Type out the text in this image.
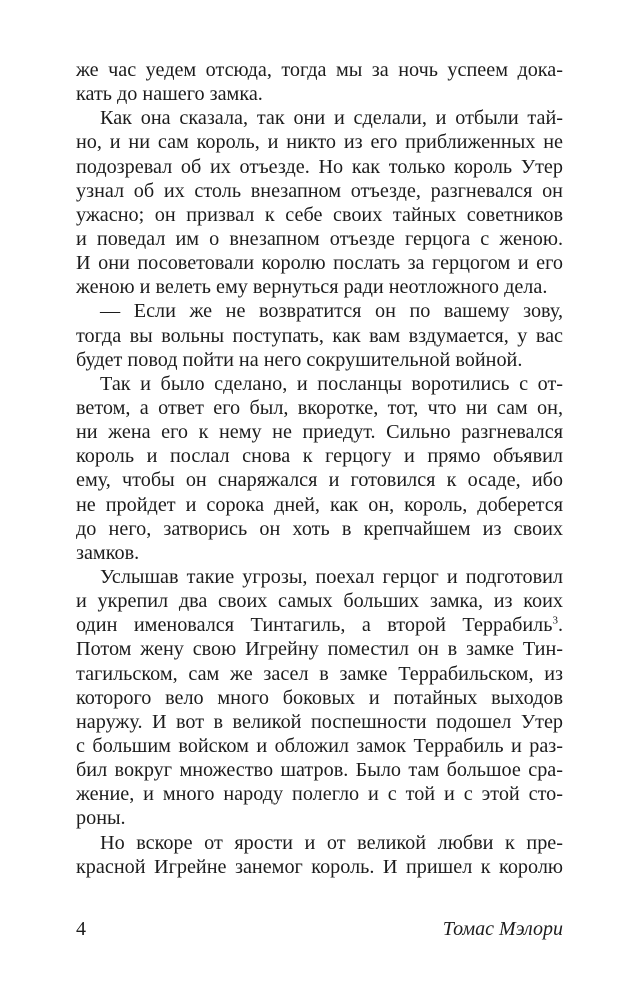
же час уедем отсюда, тогда мы за ночь успеем дока-
кать до нашего замка.
Как она сказала, так они и сделали, и отбыли тай-
но, и ни сам король, и никто из его приближенных не
подозревал об их отъезде. Но как только король Утер
узнал об их столь внезапном отъезде, разгневался он
ужасно; он призвал к себе своих тайных советников
и поведал им о внезапном отъезде герцога с женою.
И они посоветовали королю послать за герцогом и его
женою и велеть ему вернуться ради неотложного дела.
— Если же не возвратится он по вашему зову,
тогда вы вольны поступать, как вам вздумается, у вас
будет повод пойти на него сокрушительной войной.
Так и было сделано, и посланцы воротились с от-
ветом, а ответ его был, вкоротке, тот, что ни сам он,
ни жена его к нему не приедут. Сильно разгневался
король и послал снова к герцогу и прямо объявил
ему, чтобы он снаряжался и готовился к осаде, ибо
не пройдет и сорока дней, как он, король, доберется
до него, затворись он хоть в крепчайшем из своих
замков.
Услышав такие угрозы, поехал герцог и подготовил
и укрепил два своих самых больших замка, из коих
один именовался Тинтагиль, а второй Террабиль$^3$.
Потом жену свою Игрейну поместил он в замке Тин-
тагильском, сам же засел в замке Террабильском, из
которого вело много боковых и потайных выходов
наружу. И вот в великой поспешности подошел Утер
с большим войском и обложил замок Террабиль и раз-
бил вокруг множество шатров. Было там большое сра-
жение, и много народу полегло и с той и с этой сто-
роны.
Но вскоре от ярости и от великой любви к пре-
красной Игрейне занемог король. И пришел к королю
4	Томас Мэлори
